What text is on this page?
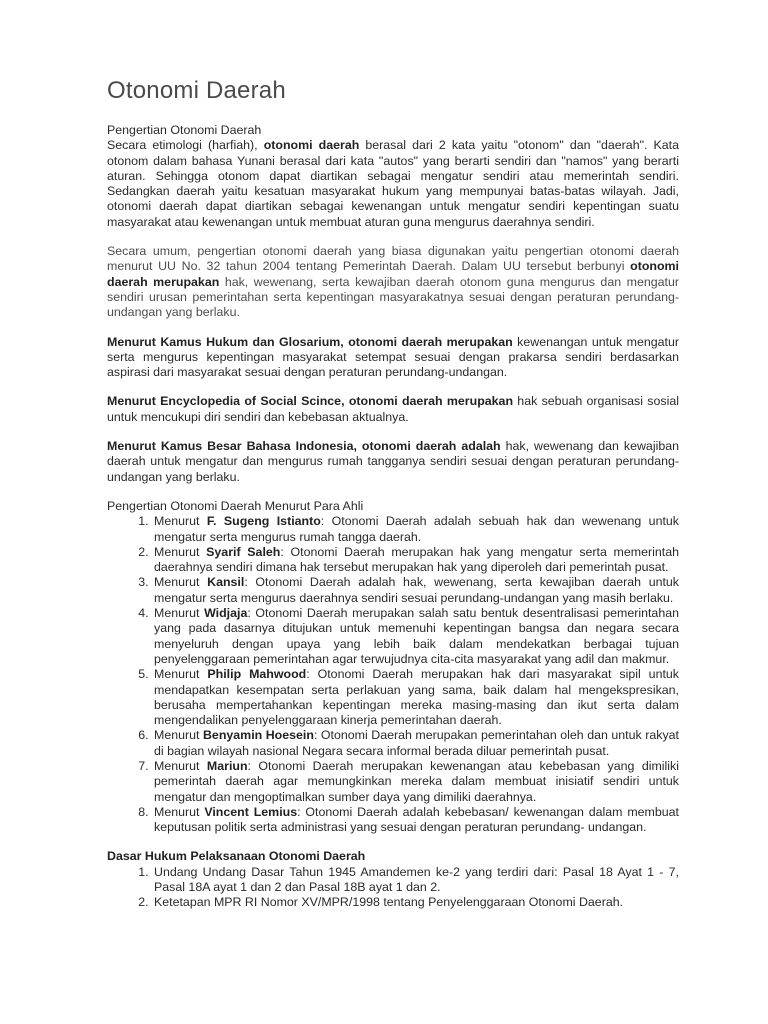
Otonomi Daerah

Pengertian Otonomi Daerah

Secara etimologi (harfiah), otonomi daerah berasal dari 2 kata yaitu "otonom" dan "daerah". Kata otonom dalam bahasa Yunani berasal dari kata "autos" yang berarti sendiri dan "namos" yang berarti aturan. Sehingga otonom dapat diartikan sebagai mengatur sendiri atau memerintah sendiri. Sedangkan daerah yaitu kesatuan masyarakat hukum yang mempunyai batas-batas wilayah. Jadi, otonomi daerah dapat diartikan sebagai kewenangan untuk mengatur sendiri kepentingan suatu masyarakat atau kewenangan untuk membuat aturan guna mengurus daerahnya sendiri.

Secara umum, pengertian otonomi daerah yang biasa digunakan yaitu pengertian otonomi daerah menurut UU No. 32 tahun 2004 tentang Pemerintah Daerah. Dalam UU tersebut berbunyi otonomi daerah merupakan hak, wewenang, serta kewajiban daerah otonom guna mengurus dan mengatur sendiri urusan pemerintahan serta kepentingan masyarakatnya sesuai dengan peraturan perundang-undangan yang berlaku.

Menurut Kamus Hukum dan Glosarium, otonomi daerah merupakan kewenangan untuk mengatur serta mengurus kepentingan masyarakat setempat sesuai dengan prakarsa sendiri berdasarkan aspirasi dari masyarakat sesuai dengan peraturan perundang-undangan.

Menurut Encyclopedia of Social Scince, otonomi daerah merupakan hak sebuah organisasi sosial untuk mencukupi diri sendiri dan kebebasan aktualnya.

Menurut Kamus Besar Bahasa Indonesia, otonomi daerah adalah hak, wewenang dan kewajiban daerah untuk mengatur dan mengurus rumah tangganya sendiri sesuai dengan peraturan perundang-undangan yang berlaku.

Pengertian Otonomi Daerah Menurut Para Ahli

1. Menurut F. Sugeng Istianto: Otonomi Daerah adalah sebuah hak dan wewenang untuk mengatur serta mengurus rumah tangga daerah.
2. Menurut Syarif Saleh: Otonomi Daerah merupakan hak yang mengatur serta memerintah daerahnya sendiri dimana hak tersebut merupakan hak yang diperoleh dari pemerintah pusat.
3. Menurut Kansil: Otonomi Daerah adalah hak, wewenang, serta kewajiban daerah untuk mengatur serta mengurus daerahnya sendiri sesuai perundang-undangan yang masih berlaku.
4. Menurut Widjaja: Otonomi Daerah merupakan salah satu bentuk desentralisasi pemerintahan yang pada dasarnya ditujukan untuk memenuhi kepentingan bangsa dan negara secara menyeluruh dengan upaya yang lebih baik dalam mendekatkan berbagai tujuan penyelenggaraan pemerintahan agar terwujudnya cita-cita masyarakat yang adil dan makmur.
5. Menurut Philip Mahwood: Otonomi Daerah merupakan hak dari masyarakat sipil untuk mendapatkan kesempatan serta perlakuan yang sama, baik dalam hal mengekspresikan, berusaha mempertahankan kepentingan mereka masing-masing dan ikut serta dalam mengendalikan penyelenggaraan kinerja pemerintahan daerah.
6. Menurut Benyamin Hoesein: Otonomi Daerah merupakan pemerintahan oleh dan untuk rakyat di bagian wilayah nasional Negara secara informal berada diluar pemerintah pusat.
7. Menurut Mariun: Otonomi Daerah merupakan kewenangan atau kebebasan yang dimiliki pemerintah daerah agar memungkinkan mereka dalam membuat inisiatif sendiri untuk mengatur dan mengoptimalkan sumber daya yang dimiliki daerahnya.
8. Menurut Vincent Lemius: Otonomi Daerah adalah kebebasan/ kewenangan dalam membuat keputusan politik serta administrasi yang sesuai dengan peraturan perundang- undangan.

Dasar Hukum Pelaksanaan Otonomi Daerah

1. Undang Undang Dasar Tahun 1945 Amandemen ke-2 yang terdiri dari: Pasal 18 Ayat 1 - 7, Pasal 18A ayat 1 dan 2 dan Pasal 18B ayat 1 dan 2.
2. Ketetapan MPR RI Nomor XV/MPR/1998 tentang Penyelenggaraan Otonomi Daerah.
